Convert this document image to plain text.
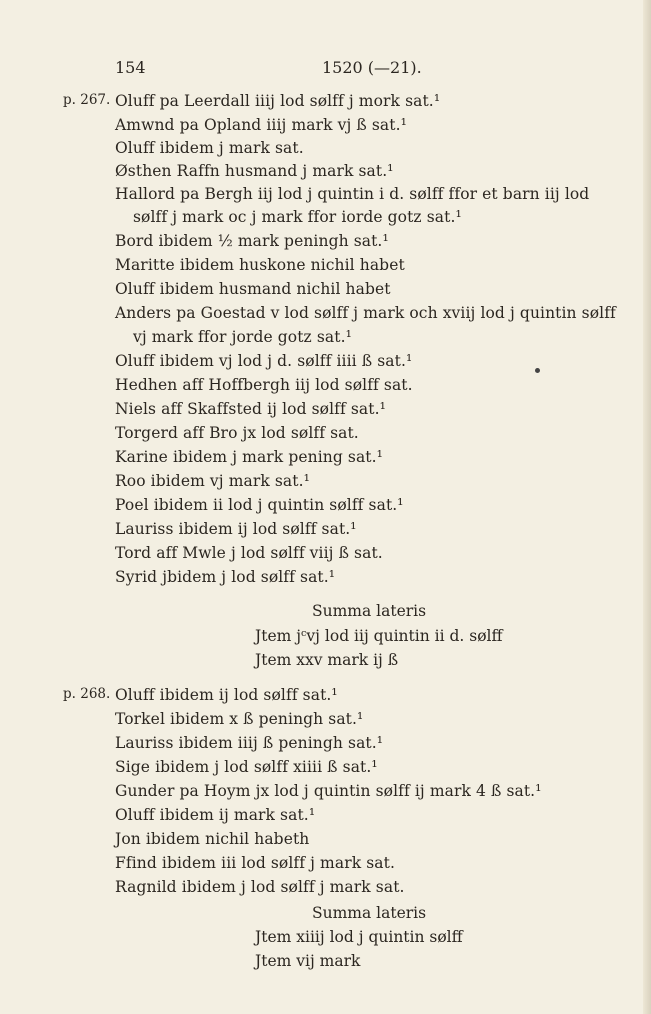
154	1520 (—21).
p. 267. Oluff pa Leerdall iiij lod sølff j mork sat.¹
Amwnd pa Opland iiij mark vj ß sat.¹
Oluff ibidem j mark sat.
Østhen Raffn husmand j mark sat.¹
Hallord pa Bergh iij lod j quintin i d. sølff ffor et barn iij lod
sølff j mark oc j mark ffor iorde gotz sat.¹
Bord ibidem ½ mark peningh sat.¹
Maritte ibidem huskone nichil habet
Oluff ibidem husmand nichil habet
Anders pa Goestad v lod sølff j mark och xviij lod j quintin sølff
vj mark ffor jorde gotz sat.¹
Oluff ibidem vj lod j d. sølff iiii ß sat.¹
Hedhen aff Hoffbergh iij lod sølff sat.
Niels aff Skaffsted ij lod sølff sat.¹
Torgerd aff Bro jx lod sølff sat.
Karine ibidem j mark pening sat.¹
Roo ibidem vj mark sat.¹
Poel ibidem ii lod j quintin sølff sat.¹
Lauriss ibidem ij lod sølff sat.¹
Tord aff Mwle j lod sølff viij ß sat.
Syrid jbidem j lod sølff sat.¹
Summa lateris
Jtem jᶜvj lod iij quintin ii d. sølff
Jtem xxv mark ij ß
p. 268. Oluff ibidem ij lod sølff sat.¹
Torkel ibidem x ß peningh sat.¹
Lauriss ibidem iiij ß peningh sat.¹
Sige ibidem j lod sølff xiiii ß sat.¹
Gunder pa Hoym jx lod j quintin sølff ij mark 4 ß sat.¹
Oluff ibidem ij mark sat.¹
Jon ibidem nichil habeth
Ffind ibidem iii lod sølff j mark sat.
Ragnild ibidem j lod sølff j mark sat.
Summa lateris
Jtem xiiij lod j quintin sølff
Jtem vij mark
